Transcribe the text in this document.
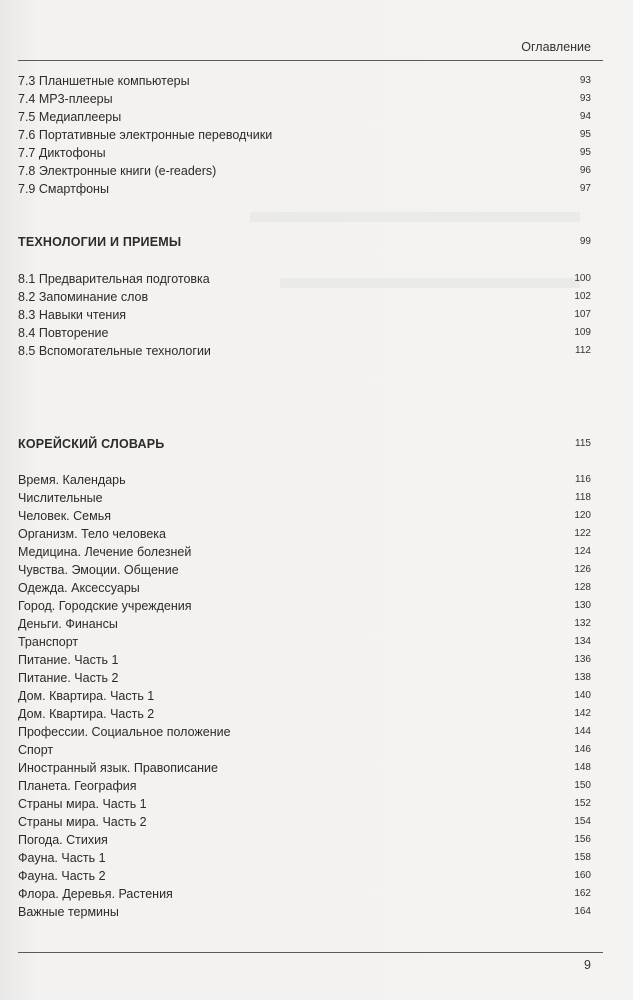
Оглавление
7.3 Планшетные компьютеры	93
7.4 MP3-плееры	93
7.5 Медиаплееры	94
7.6 Портативные электронные переводчики	95
7.7 Диктофоны	95
7.8 Электронные книги (e-readers)	96
7.9 Смартфоны	97
ТЕХНОЛОГИИ И ПРИЕМЫ	99
8.1 Предварительная подготовка	100
8.2 Запоминание слов	102
8.3 Навыки чтения	107
8.4 Повторение	109
8.5 Вспомогательные технологии	112
КОРЕЙСКИЙ СЛОВАРЬ	115
Время. Календарь	116
Числительные	118
Человек. Семья	120
Организм. Тело человека	122
Медицина. Лечение болезней	124
Чувства. Эмоции. Общение	126
Одежда. Аксессуары	128
Город. Городские учреждения	130
Деньги. Финансы	132
Транспорт	134
Питание. Часть 1	136
Питание. Часть 2	138
Дом. Квартира. Часть 1	140
Дом. Квартира. Часть 2	142
Профессии. Социальное положение	144
Спорт	146
Иностранный язык. Правописание	148
Планета. География	150
Страны мира. Часть 1	152
Страны мира. Часть 2	154
Погода. Стихия	156
Фауна. Часть 1	158
Фауна. Часть 2	160
Флора. Деревья. Растения	162
Важные термины	164
9
